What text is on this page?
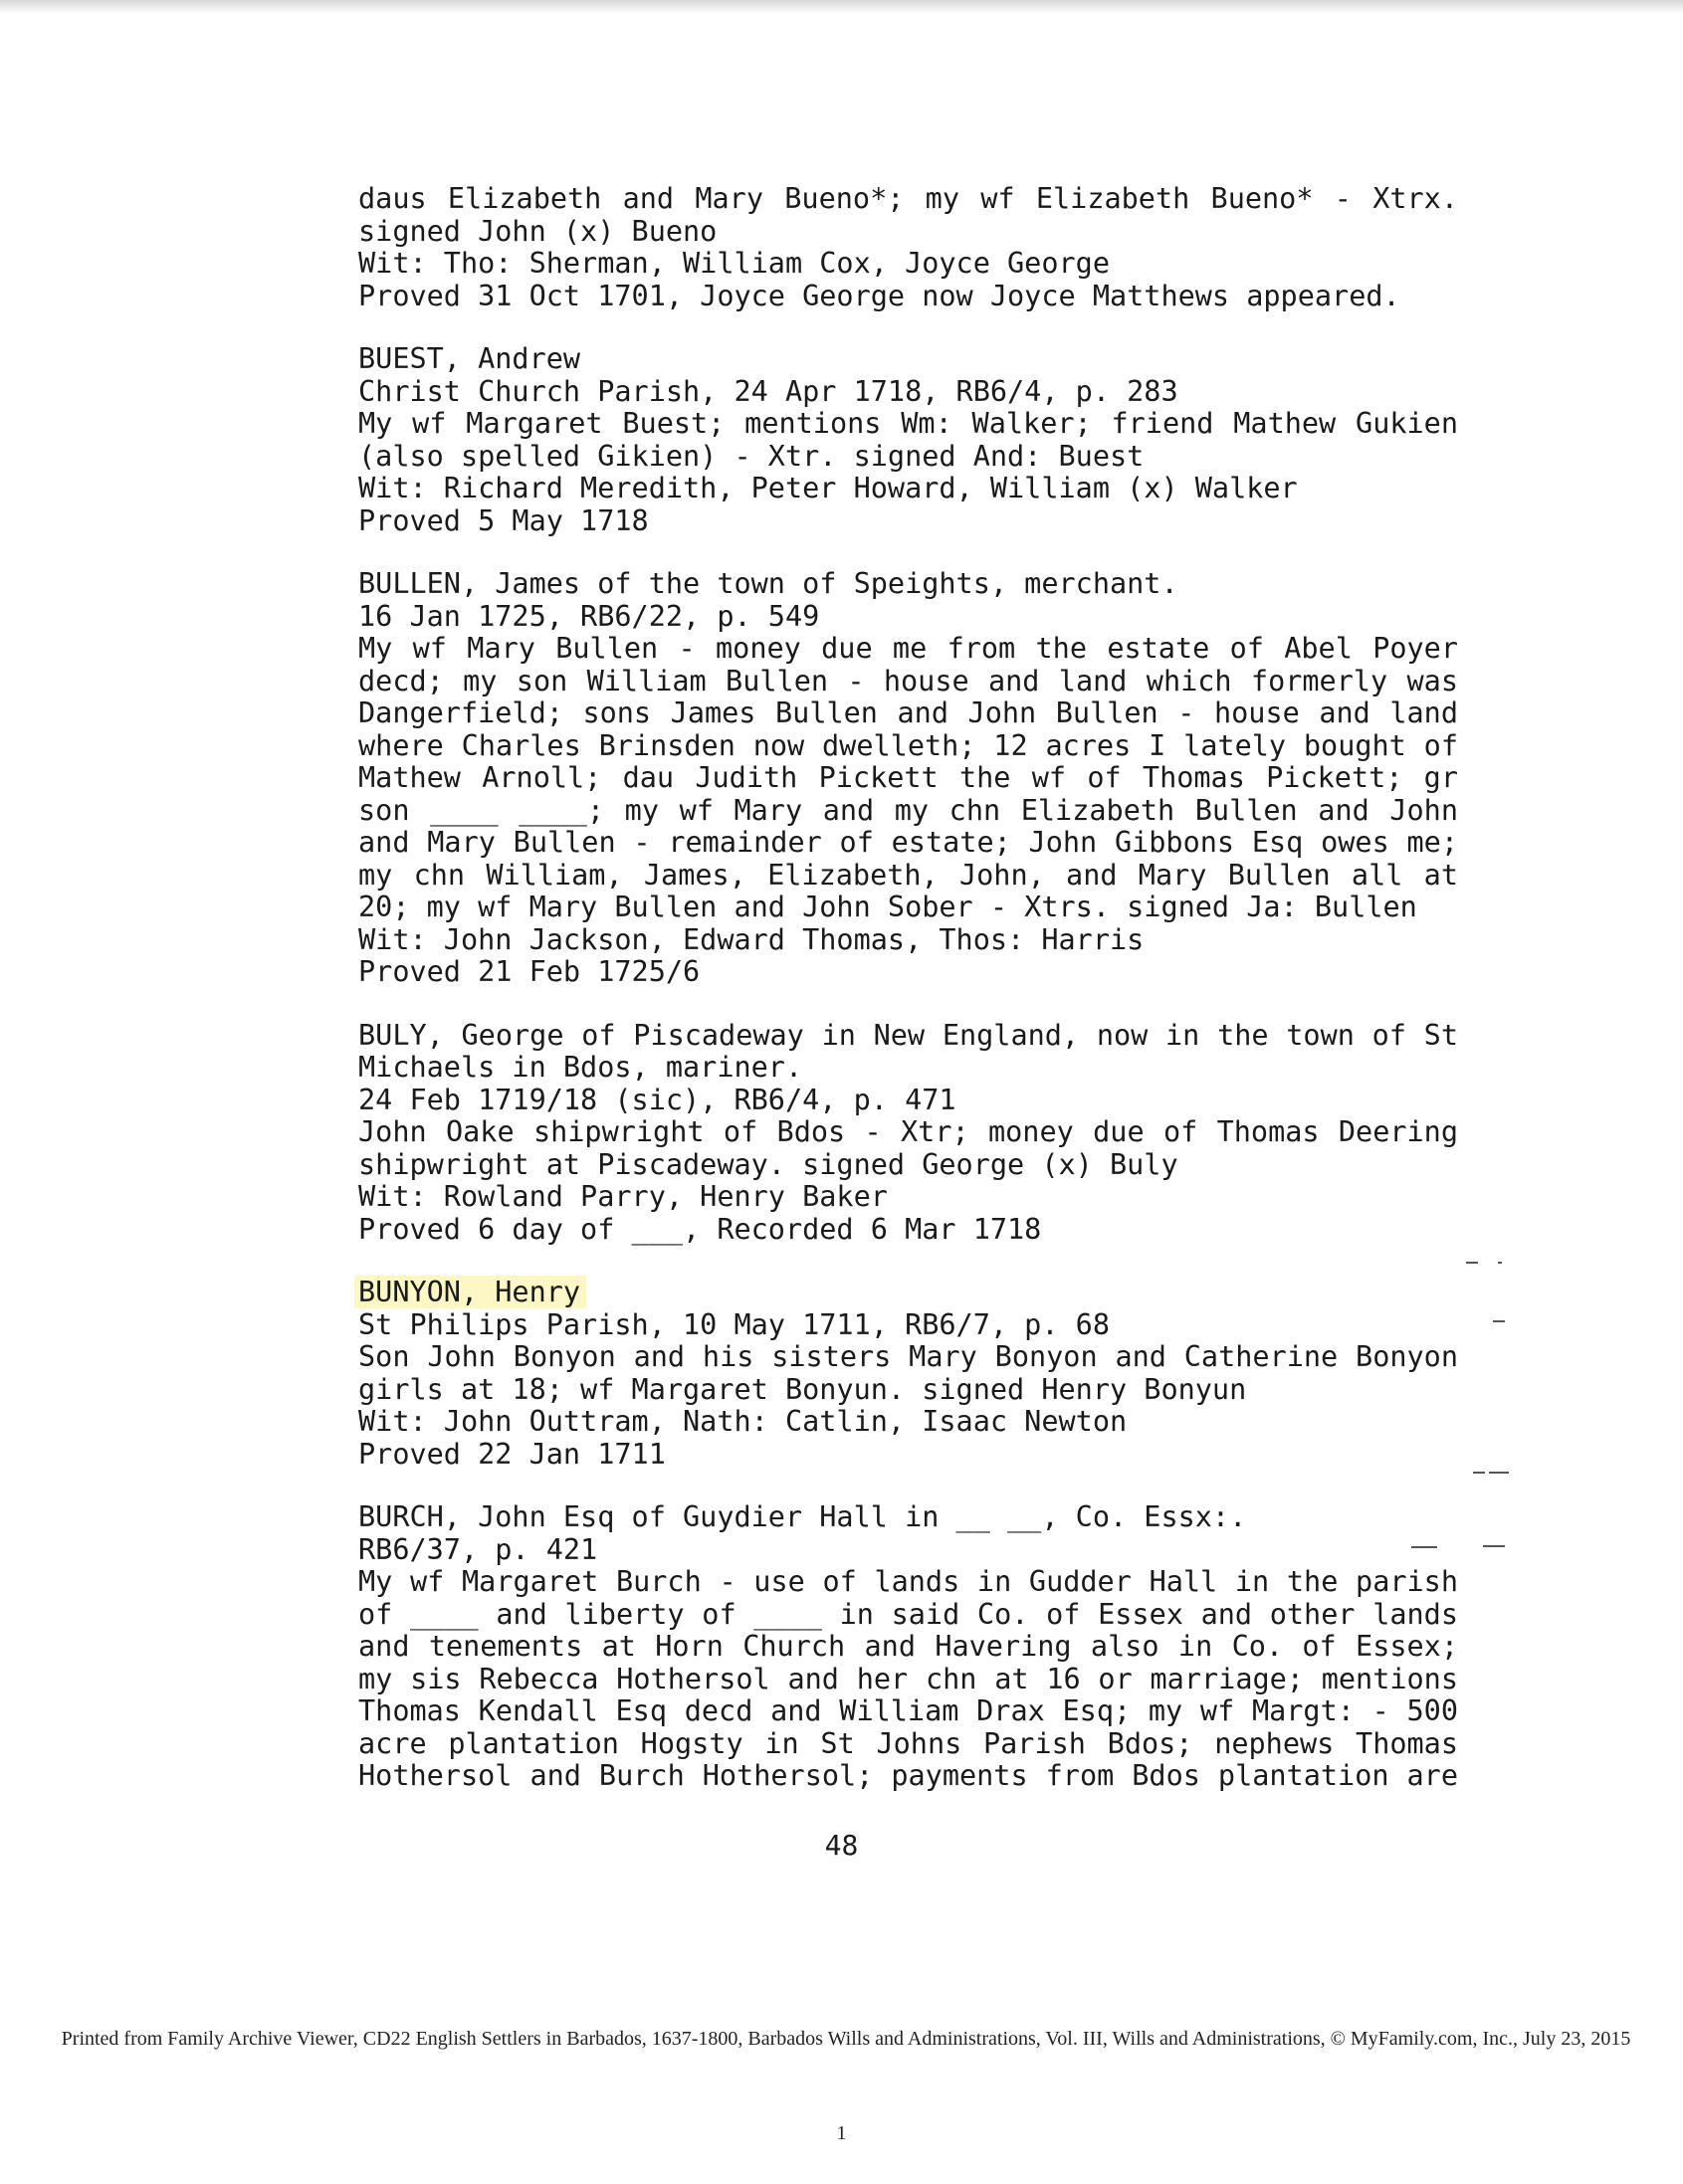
daus Elizabeth and Mary Bueno*; my wf Elizabeth Bueno* - Xtrx.
signed John (x) Bueno
Wit: Tho: Sherman, William Cox, Joyce George
Proved 31 Oct 1701, Joyce George now Joyce Matthews appeared.
BUEST, Andrew
Christ Church Parish, 24 Apr 1718, RB6/4, p. 283
My wf Margaret Buest; mentions Wm: Walker; friend Mathew Gukien
(also spelled Gikien) - Xtr. signed And: Buest
Wit: Richard Meredith, Peter Howard, William (x) Walker
Proved 5 May 1718
BULLEN, James of the town of Speights, merchant.
16 Jan 1725, RB6/22, p. 549
My wf Mary Bullen - money due me from the estate of Abel Poyer
decd; my son William Bullen - house and land which formerly was
Dangerfield; sons James Bullen and John Bullen - house and land
where Charles Brinsden now dwelleth; 12 acres I lately bought of
Mathew Arnoll; dau Judith Pickett the wf of Thomas Pickett; gr
son ____ ____; my wf Mary and my chn Elizabeth Bullen and John
and Mary Bullen - remainder of estate; John Gibbons Esq owes me;
my chn William, James, Elizabeth, John, and Mary Bullen all at
20; my wf Mary Bullen and John Sober - Xtrs. signed Ja: Bullen
Wit: John Jackson, Edward Thomas, Thos: Harris
Proved 21 Feb 1725/6
BULY, George of Piscadeway in New England, now in the town of St
Michaels in Bdos, mariner.
24 Feb 1719/18 (sic), RB6/4, p. 471
John Oake shipwright of Bdos - Xtr; money due of Thomas Deering
shipwright at Piscadeway. signed George (x) Buly
Wit: Rowland Parry, Henry Baker
Proved 6 day of ___, Recorded 6 Mar 1718
BUNYON, Henry
St Philips Parish, 10 May 1711, RB6/7, p. 68
Son John Bonyon and his sisters Mary Bonyon and Catherine Bonyon
girls at 18; wf Margaret Bonyun. signed Henry Bonyun
Wit: John Outtram, Nath: Catlin, Isaac Newton
Proved 22 Jan 1711
BURCH, John Esq of Guydier Hall in __ __, Co. Essx:.
RB6/37, p. 421
My wf Margaret Burch - use of lands in Gudder Hall in the parish
of ____ and liberty of ____ in said Co. of Essex and other lands
and tenements at Horn Church and Havering also in Co. of Essex;
my sis Rebecca Hothersol and her chn at 16 or marriage; mentions
Thomas Kendall Esq decd and William Drax Esq; my wf Margt: - 500
acre plantation Hogsty in St Johns Parish Bdos; nephews Thomas
Hothersol and Burch Hothersol; payments from Bdos plantation are
48
Printed from Family Archive Viewer, CD22 English Settlers in Barbados, 1637-1800, Barbados Wills and Administrations, Vol. III, Wills and Administrations, © MyFamily.com, Inc., July 23, 2015
1
